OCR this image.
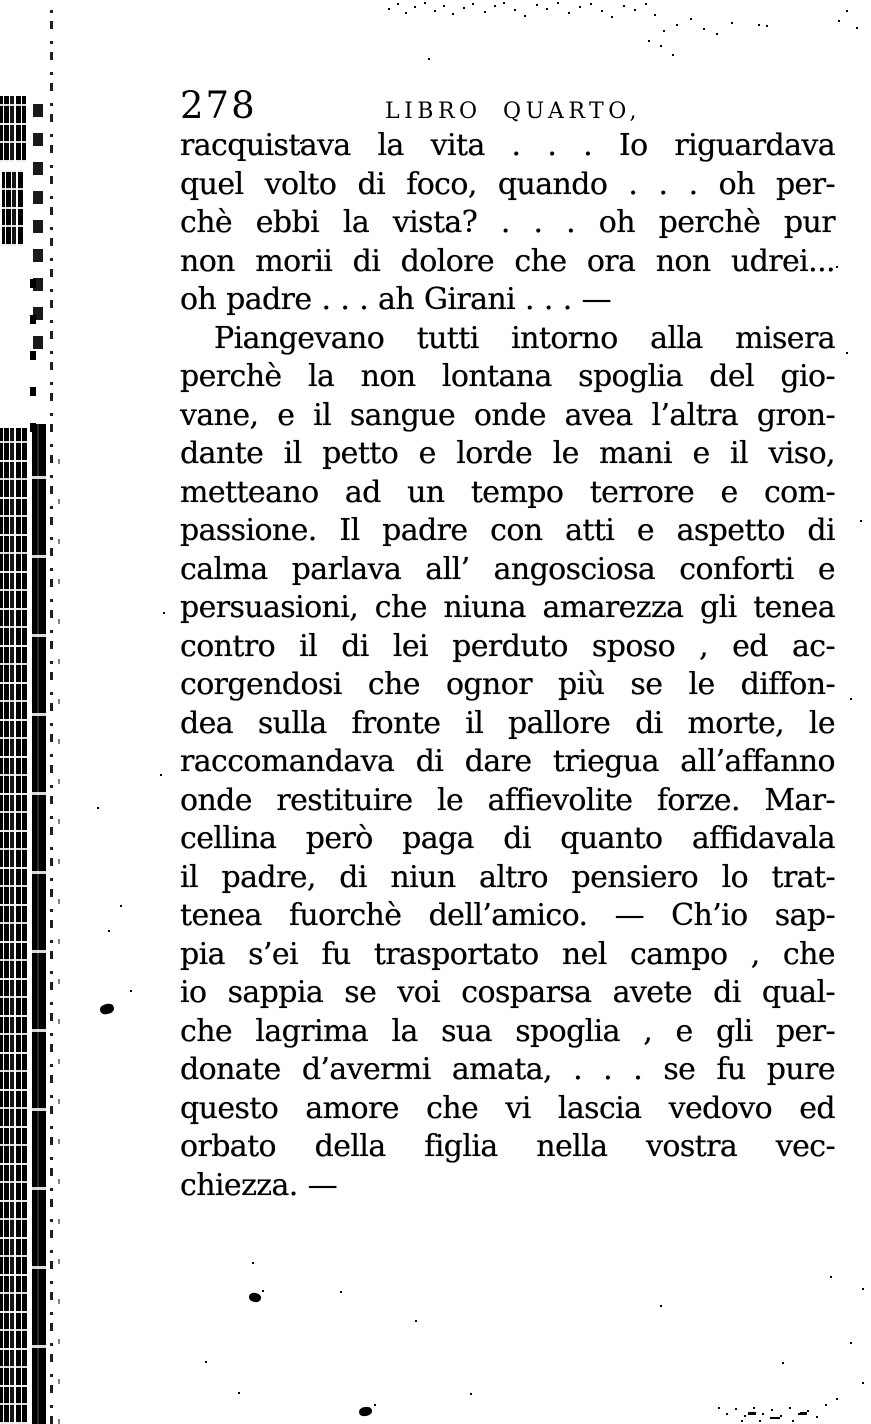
278	LIBRO QUARTO,
racquistava la vita . . . Io riguardava
quel volto di foco, quando . . . oh per-
chè ebbi la vista? . . . oh perchè pur
non morii di dolore che ora non udrei...
oh padre . . . ah Girani . . . —
Piangevano tutti intorno alla misera
perchè la non lontana spoglia del gio-
vane, e il sangue onde avea l’altra gron-
dante il petto e lorde le mani e il viso,
metteano ad un tempo terrore e com-
passione. Il padre con atti e aspetto di
calma parlava all’ angosciosa conforti e
persuasioni, che niuna amarezza gli tenea
contro il di lei perduto sposo , ed ac-
corgendosi che ognor più se le diffon-
dea sulla fronte il pallore di morte, le
raccomandava di dare triegua all’affanno
onde restituire le affievolite forze. Mar-
cellina però paga di quanto affidavala
il padre, di niun altro pensiero lo trat-
tenea fuorchè dell’amico. — Ch’io sap-
pia s’ei fu trasportato nel campo , che
io sappia se voi cosparsa avete di qual-
che lagrima la sua spoglia , e gli per-
donate d’avermi amata, . . . se fu pure
questo amore che vi lascia vedovo ed
orbato della figlia nella vostra vec-
chiezza. —
